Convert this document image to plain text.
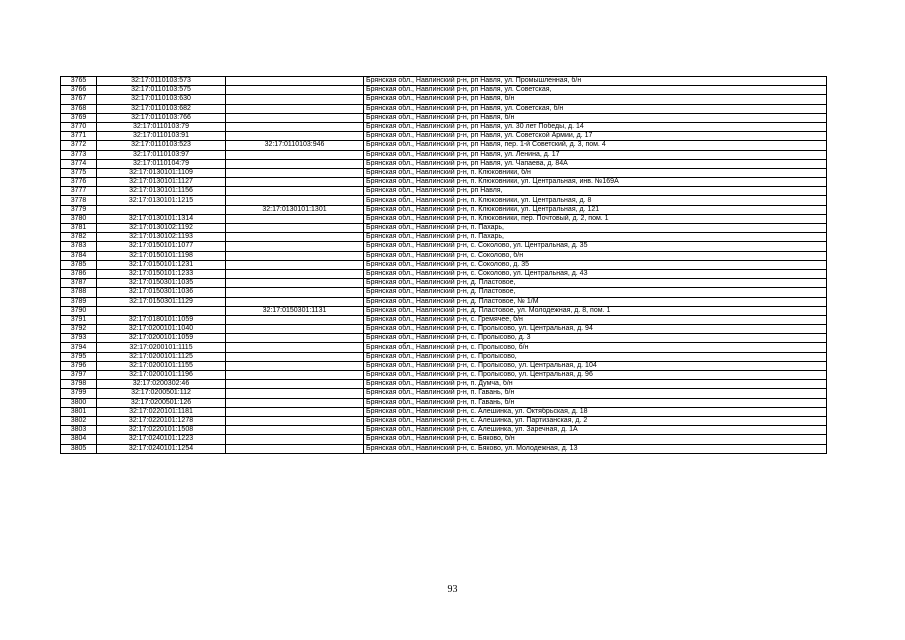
3765	32:17:0110103:573		Брянская обл., Навлинский р-н, рп Навля, ул. Промышленная, б/н
3766	32:17:0110103:575		Брянская обл., Навлинский р-н, рп Навля, ул. Советская,
3767	32:17:0110103:630		Брянская обл., Навлинский р-н, рп Навля, б/н
3768	32:17:0110103:682		Брянская обл., Навлинский р-н, рп Навля, ул. Советская, б/н
3769	32:17:0110103:766		Брянская обл., Навлинский р-н, рп Навля, б/н
3770	32:17:0110103:79		Брянская обл., Навлинский р-н, рп Навля, ул. 30 лет Победы, д. 14
3771	32:17:0110103:91		Брянская обл., Навлинский р-н, рп Навля, ул. Советской Армии, д. 17
3772	32:17:0110103:523	32:17:0110103:946	Брянская обл., Навлинский р-н, рп Навля, пер. 1-й Советский, д. 3, пом. 4
3773	32:17:0110103:97		Брянская обл., Навлинский р-н, рп Навля, ул. Ленина, д. 17
3774	32:17:0110104:79		Брянская обл., Навлинский р-н, рп Навля, ул. Чапаева, д. 84А
3775	32:17:0130101:1109		Брянская обл., Навлинский р-н, п. Клюковники, б/н
3776	32:17:0130101:1127		Брянская обл., Навлинский р-н, п. Клюковники, ул. Центральная, инв. №169А
3777	32:17:0130101:1156		Брянская обл., Навлинский р-н, рп Навля,
3778	32:17:0130101:1215		Брянская обл., Навлинский р-н, п. Клюковники, ул. Центральная, д. 8
3779		32:17:0130101:1301	Брянская обл., Навлинский р-н, п. Клюковники, ул. Центральная, д. 121
3780	32:17:0130101:1314		Брянская обл., Навлинский р-н, п. Клюковники, пер. Почтовый, д. 2, пом. 1
3781	32:17:0130102:1192		Брянская обл., Навлинский р-н, п. Пахарь,
3782	32:17:0130102:1193		Брянская обл., Навлинский р-н, п. Пахарь,
3783	32:17:0150101:1077		Брянская обл., Навлинский р-н, с. Соколово, ул. Центральная, д. 35
3784	32:17:0150101:1198		Брянская обл., Навлинский р-н, с. Соколово, б/н
3785	32:17:0150101:1231		Брянская обл., Навлинский р-н, с. Соколово, д. 35
3786	32:17:0150101:1233		Брянская обл., Навлинский р-н, с. Соколово, ул. Центральная, д. 43
3787	32:17:0150301:1035		Брянская обл., Навлинский р-н, д. Пластовое,
3788	32:17:0150301:1036		Брянская обл., Навлинский р-н, д. Пластовое,
3789	32:17:0150301:1129		Брянская обл., Навлинский р-н, д. Пластовое, № 1/М
3790		32:17:0150301:1131	Брянская обл., Навлинский р-н, д. Пластовое, ул. Молодежная, д. 8, пом. 1
3791	32:17:0180101:1059		Брянская обл., Навлинский р-н, с. Гремячее, б/н
3792	32:17:0200101:1040		Брянская обл., Навлинский р-н, с. Пролысово, ул. Центральная, д. 94
3793	32:17:0200101:1059		Брянская обл., Навлинский р-н, с. Пролысово, д. 3
3794	32:17:0200101:1115		Брянская обл., Навлинский р-н, с. Пролысово, б/н
3795	32:17:0200101:1125		Брянская обл., Навлинский р-н, с. Пролысово,
3796	32:17:0200101:1155		Брянская обл., Навлинский р-н, с. Пролысово, ул. Центральная, д. 104
3797	32:17:0200101:1196		Брянская обл., Навлинский р-н, с. Пролысово, ул. Центральная, д. 96
3798	32:17:0200302:46		Брянская обл., Навлинский р-н, п. Думча, б/н
3799	32:17:0200501:112		Брянская обл., Навлинский р-н, п. Гавань, б/н
3800	32:17:0200501:126		Брянская обл., Навлинский р-н, п. Гавань, б/н
3801	32:17:0220101:1181		Брянская обл., Навлинский р-н, с. Алешинка, ул. Октябрьская, д. 18
3802	32:17:0220101:1278		Брянская обл., Навлинский р-н, с. Алешинка, ул. Партизанская, д. 2
3803	32:17:0220101:1508		Брянская обл., Навлинский р-н, с. Алешинка, ул. Заречная, д. 1А
3804	32:17:0240101:1223		Брянская обл., Навлинский р-н, с. Бяково, б/н
3805	32:17:0240101:1254		Брянская обл., Навлинский р-н, с. Бяково, ул. Молодежная, д. 13
93
